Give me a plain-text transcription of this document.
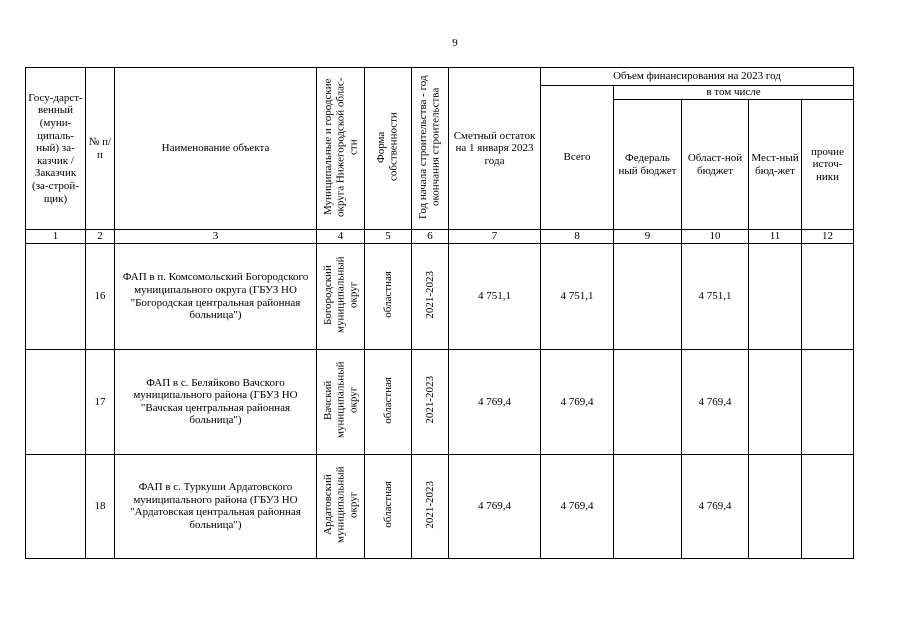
9
Госу-дарст-венный (муни-ципаль-ный) за-казчик / Заказчик (за-строй-щик)	№ п/п	Наименование объекта	Муниципальные и городские округа Нижегородской облас-сти	Форма собственности	Год начала строительства - год окончания строительства	Сметный остаток на 1 января 2023 года	Объем финансирования на 2023 год				
							Всего	в том числе			
								Федераль ный бюджет	Област-ной бюджет	Мест-ный бюд-жет	прочие источ-ники
1	2	3	4	5	6	7	8	9	10	11	12
	16	ФАП в п. Комсомольский Богородского муниципального округа (ГБУЗ НО "Богородская центральная районная больница")	Богородский муниципальный округ	областная	2021-2023	4 751,1	4 751,1		4 751,1		
	17	ФАП в с. Беляйково Вачского муниципального района (ГБУЗ НО "Вачская центральная районная больница")	Вачский муниципальный округ	областная	2021-2023	4 769,4	4 769,4		4 769,4		
	18	ФАП в с. Туркуши Ардатовского муниципального района (ГБУЗ НО "Ардатовская центральная районная больница")	Ардатовский муниципальный округ	областная	2021-2023	4 769,4	4 769,4		4 769,4		
